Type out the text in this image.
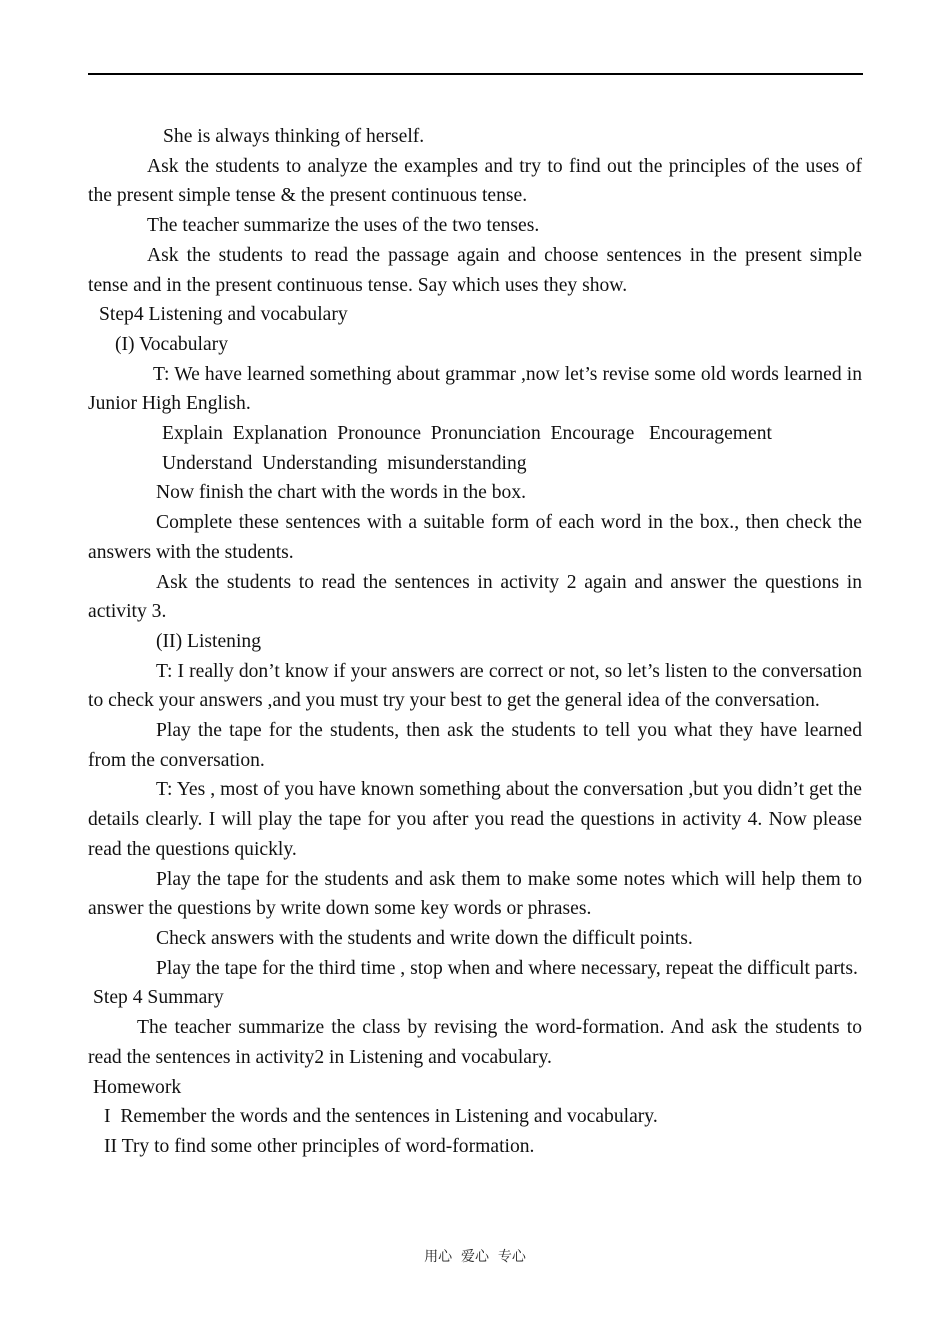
She is always thinking of herself.

Ask the students to analyze the examples and try to find out the principles of the uses of the present simple tense & the present continuous tense.

The teacher summarize the uses of the two tenses.

Ask the students to read the passage again and choose sentences in the present simple tense and in the present continuous tense. Say which uses they show.

Step4 Listening and vocabulary

(I) Vocabulary

T: We have learned something about grammar ,now let’s revise some old words learned in Junior High English.

Explain  Explanation  Pronounce  Pronunciation  Encourage   Encouragement

Understand  Understanding  misunderstanding

Now finish the chart with the words in the box.

Complete these sentences with a suitable form of each word in the box., then check the answers with the students.

Ask the students to read the sentences in activity 2 again and answer the questions in activity 3.

(II) Listening

T: I really don’t know if your answers are correct or not, so let’s listen to the conversation to check your answers ,and you must try your best to get the general idea of the conversation.

Play the tape for the students, then ask the students to tell you what they have learned from the conversation.

T: Yes , most of you have known something about the conversation ,but you didn’t get the details clearly. I will play the tape for you after you read the questions in activity 4. Now please read the questions quickly.

Play the tape for the students and ask them to make some notes which will help them to answer the questions by write down some key words or phrases.

Check answers with the students and write down the difficult points.

Play the tape for the third time , stop when and where necessary, repeat the difficult parts.

Step 4 Summary

The teacher summarize the class by revising the word-formation. And ask the students to read the sentences in activity2 in Listening and vocabulary.

Homework

I  Remember the words and the sentences in Listening and vocabulary.

II Try to find some other principles of word-formation.

用心  爱心  专心
